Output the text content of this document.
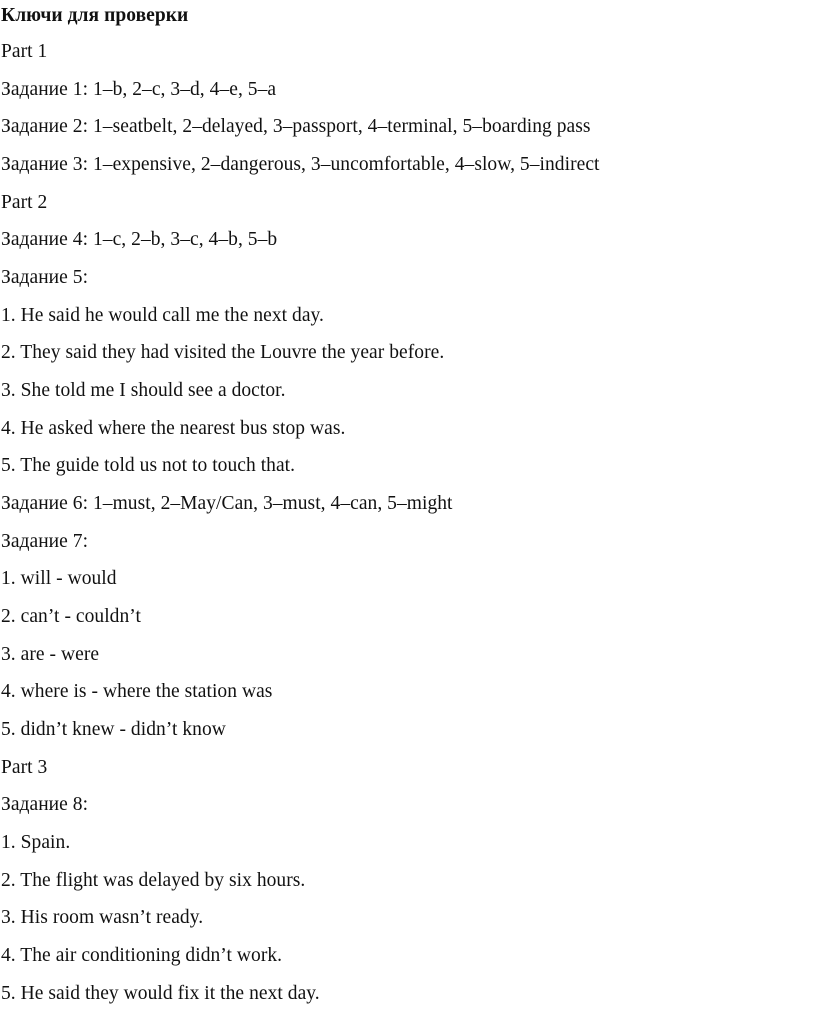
Ключи для проверки
Part 1
Задание 1: 1–b, 2–c, 3–d, 4–e, 5–a
Задание 2: 1–seatbelt, 2–delayed, 3–passport, 4–terminal, 5–boarding pass
Задание 3: 1–expensive, 2–dangerous, 3–uncomfortable, 4–slow, 5–indirect
Part 2
Задание 4: 1–c, 2–b, 3–c, 4–b, 5–b
Задание 5:
1. He said he would call me the next day.
2. They said they had visited the Louvre the year before.
3. She told me I should see a doctor.
4. He asked where the nearest bus stop was.
5. The guide told us not to touch that.
Задание 6: 1–must, 2–May/Can, 3–must, 4–can, 5–might
Задание 7:
1. will - would
2. can’t - couldn’t
3. are - were
4. where is - where the station was
5. didn’t knew - didn’t know
Part 3
Задание 8:
1. Spain.
2. The flight was delayed by six hours.
3. His room wasn’t ready.
4. The air conditioning didn’t work.
5. He said they would fix it the next day.
